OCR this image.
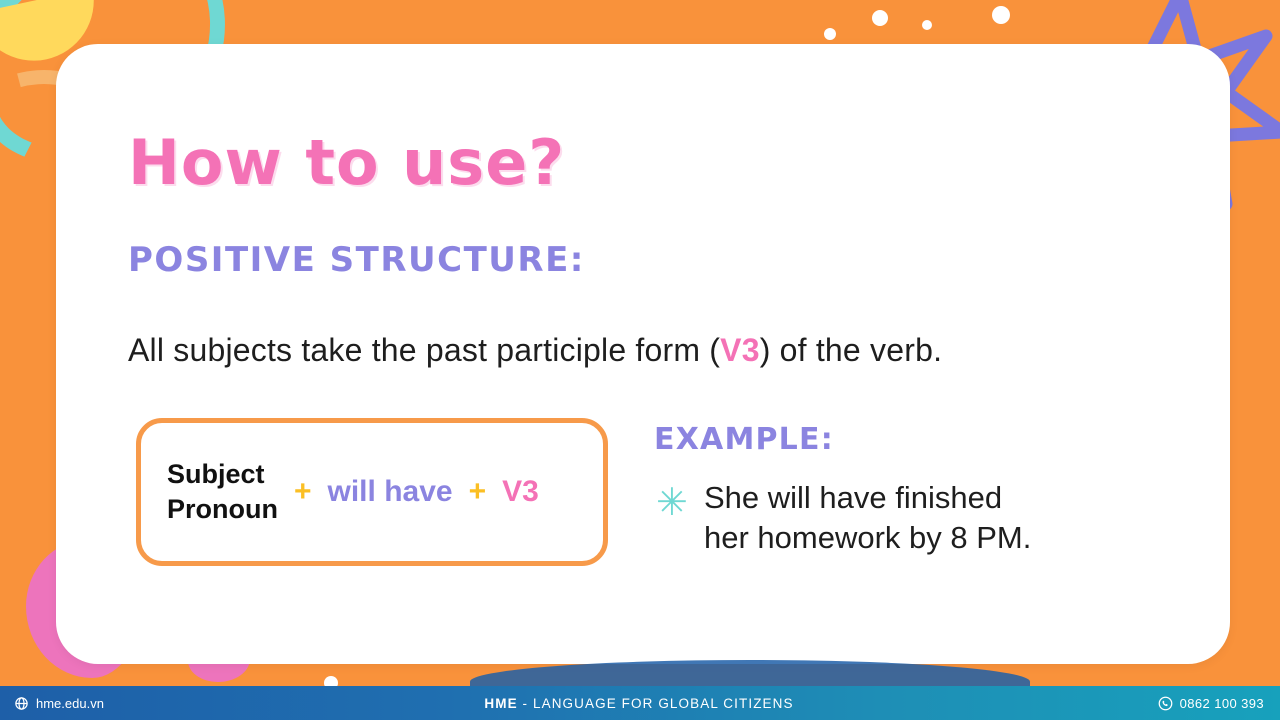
How to use?
POSITIVE STRUCTURE:
All subjects take the past participle form (V3) of the verb.
Subject
Pronoun
+ will have + V3
EXAMPLE:
✳ She will have finished
her homework by 8 PM.
hme.edu.vn	HME - LANGUAGE FOR GLOBAL CITIZENS	0862 100 393
